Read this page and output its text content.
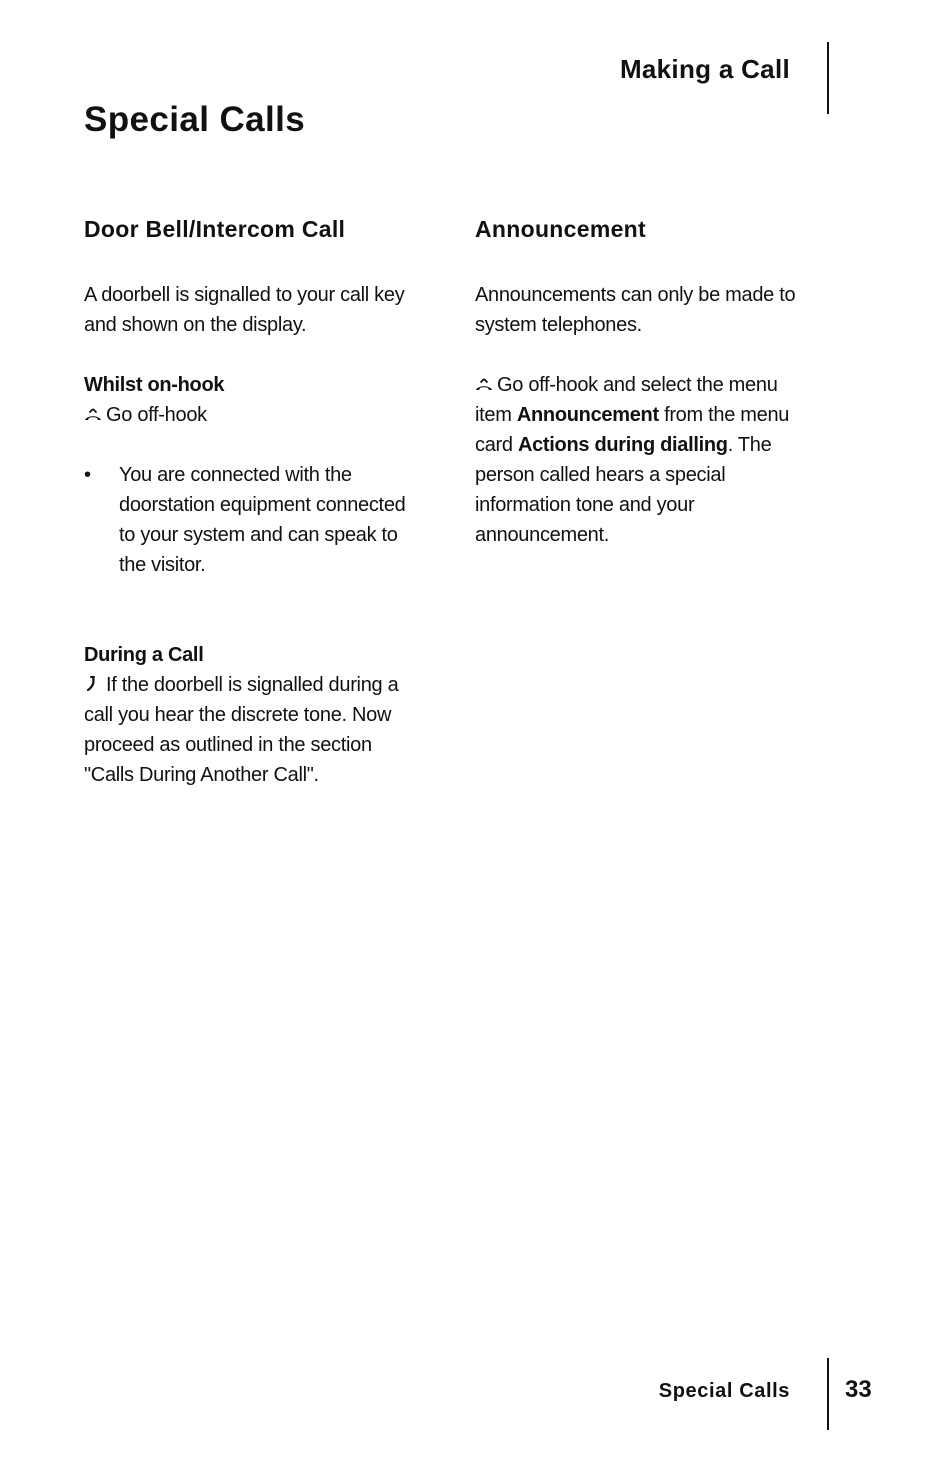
Making a Call
Special Calls
Door Bell/Intercom Call

A doorbell is signalled to your call key and shown on the display.

Whilst on-hook

Go off-hook

• You are connected with the doorstation equipment connected to your system and can speak to the visitor.

During a Call

If the doorbell is signalled during a call you hear the discrete tone. Now proceed as outlined in the section "Calls During Another Call".

Announcement

Announcements can only be made to system telephones.

Go off-hook and select the menu item Announcement from the menu card Actions during dialling. The person called hears a special information tone and your announcement.

Special Calls 33
